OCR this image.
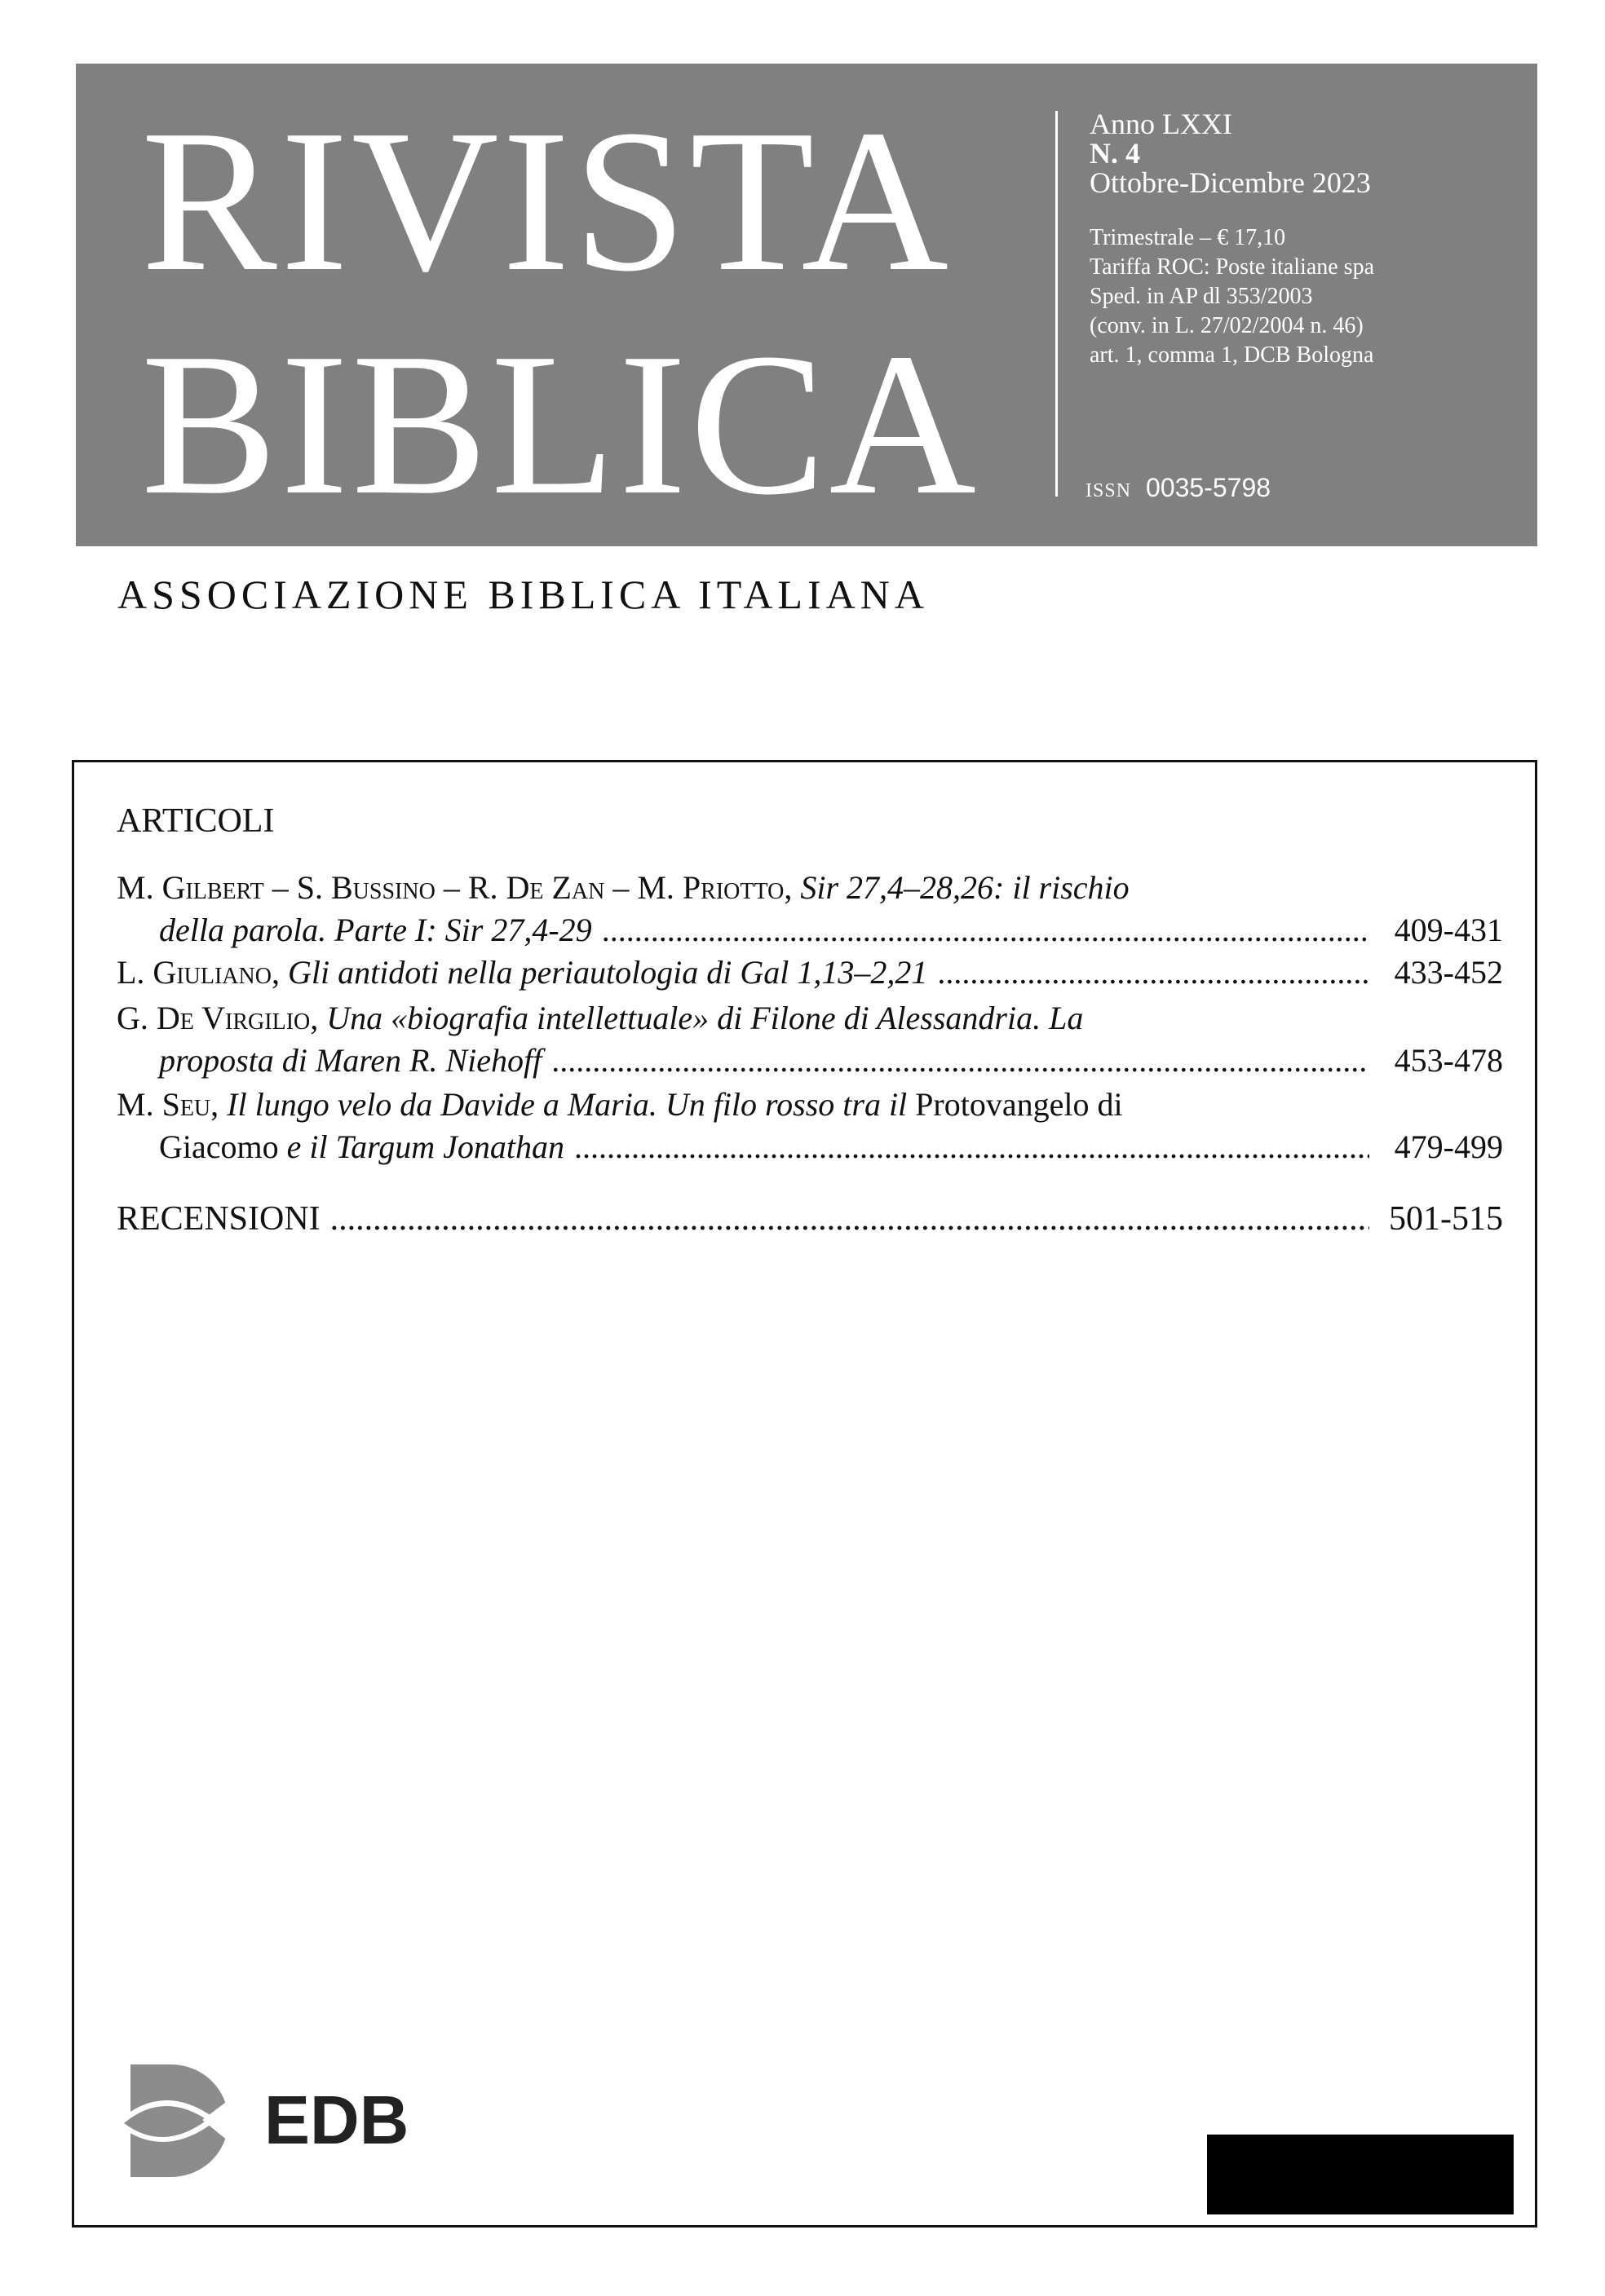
RIVISTA
BIBLICA
Anno LXXI
N. 4
Ottobre-Dicembre 2023
Trimestrale – € 17,10
Tariffa ROC: Poste italiane spa
Sped. in AP dl 353/2003
(conv. in L. 27/02/2004 n. 46)
art. 1, comma 1, DCB Bologna
ISSN 0035-5798
ASSOCIAZIONE BIBLICA ITALIANA
ARTICOLI
M. Gilbert – S. Bussino – R. De Zan – M. Priotto, Sir 27,4–28,26: il rischio
della parola. Parte I: Sir 27,4-29 .....	409-431
L. Giuliano, Gli antidoti nella periautologia di Gal 1,13–2,21 .....	433-452
G. De Virgilio, Una «biografia intellettuale» di Filone di Alessandria. La
proposta di Maren R. Niehoff .....	453-478
M. Seu, Il lungo velo da Davide a Maria. Un filo rosso tra il Protovangelo di
Giacomo e il Targum Jonathan .....	479-499
RECENSIONI .....	501-515
EDB
